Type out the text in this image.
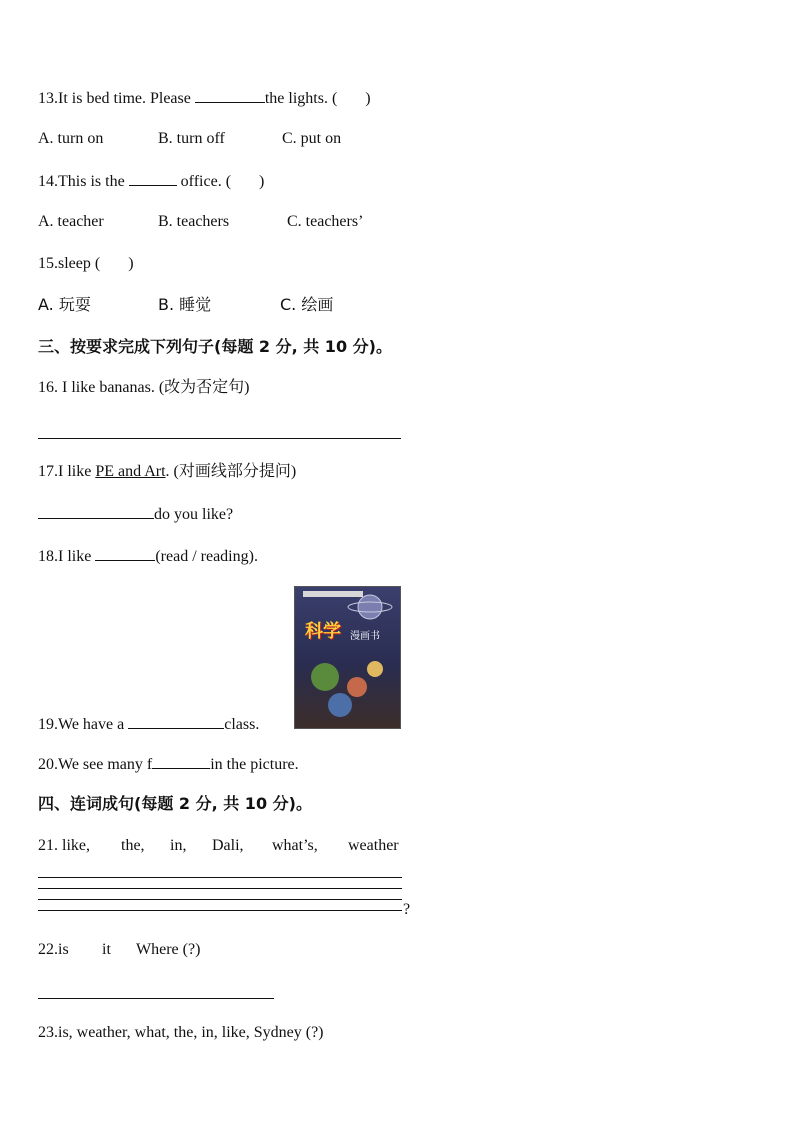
13.It is bed time. Please	the lights. ( )
A. turn on	B. turn off	C. put on
14.This is the	office. ( )
A. teacher	B. teachers	C. teachers’
15.sleep ( )
A. 玩耍	B. 睡觉	C. 绘画
三、按要求完成下列句子(每题 2 分, 共 10 分)。
16. I like bananas. (改为否定句)
17.I like PE and Art. (对画线部分提问)
do you like?
18.I like	(read / reading).
科学 漫画书
19.We have a	class.
20.We see many f	in the picture.
四、连词成句(每题 2 分, 共 10 分)。
21. like, the, in, Dali, what’s, weather
?
22.is it Where (?)
23.is, weather, what, the, in, like, Sydney (?)
